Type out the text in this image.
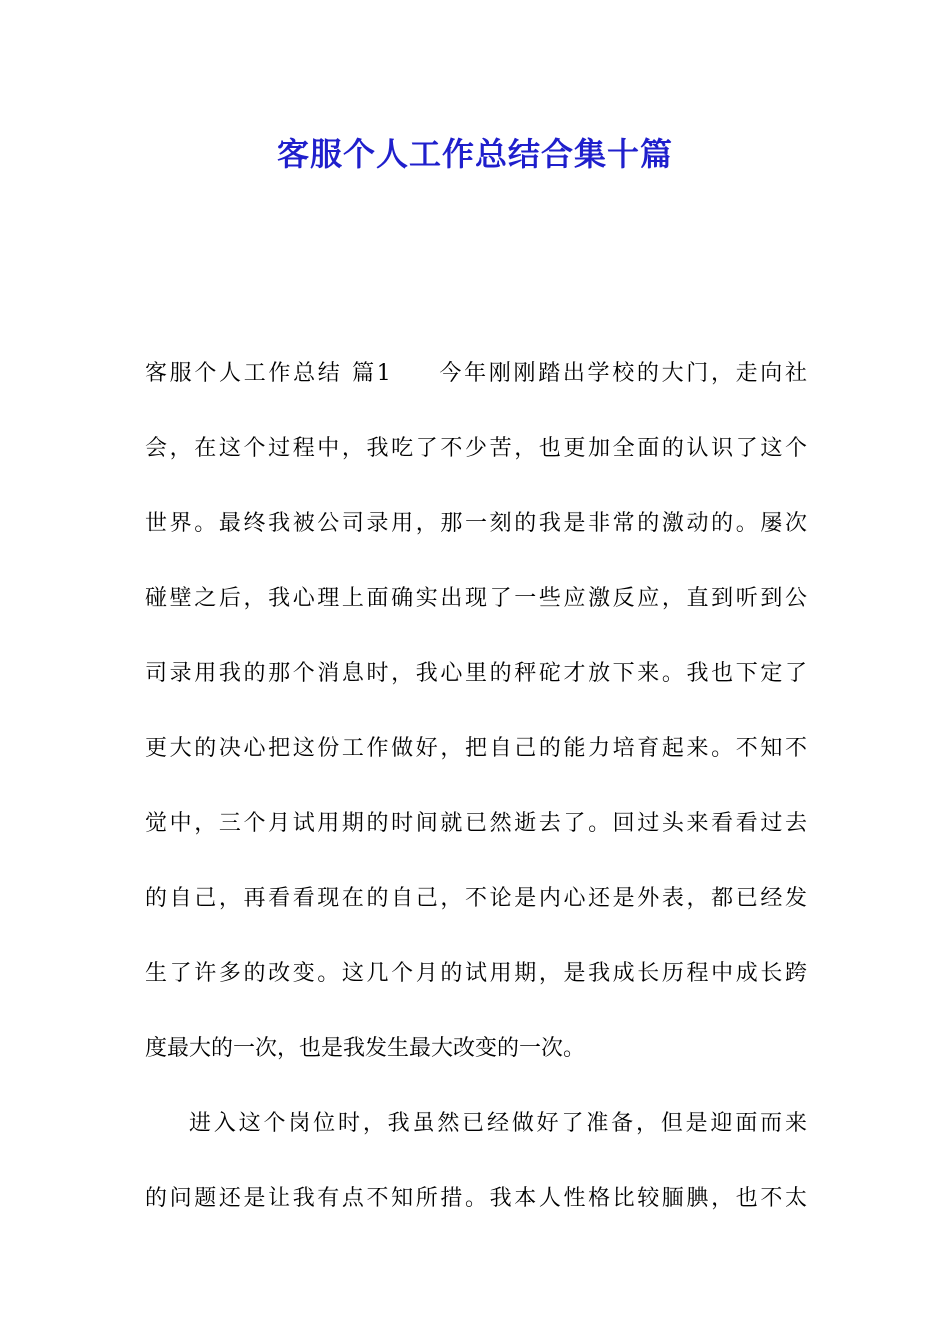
客服个人工作总结合集十篇
客服个人工作总结 篇1 今年刚刚踏出学校的大门，走向社
会，在这个过程中，我吃了不少苦，也更加全面的认识了这个
世界。最终我被公司录用，那一刻的我是非常的激动的。屡次
碰壁之后，我心理上面确实出现了一些应激反应，直到听到公
司录用我的那个消息时，我心里的秤砣才放下来。我也下定了
更大的决心把这份工作做好，把自己的能力培育起来。不知不
觉中，三个月试用期的时间就已然逝去了。回过头来看看过去
的自己，再看看现在的自己，不论是内心还是外表，都已经发
生了许多的改变。这几个月的试用期，是我成长历程中成长跨
度最大的一次，也是我发生最大改变的一次。
进入这个岗位时，我虽然已经做好了准备，但是迎面而来
的问题还是让我有点不知所措。我本人性格比较腼腆，也不太
